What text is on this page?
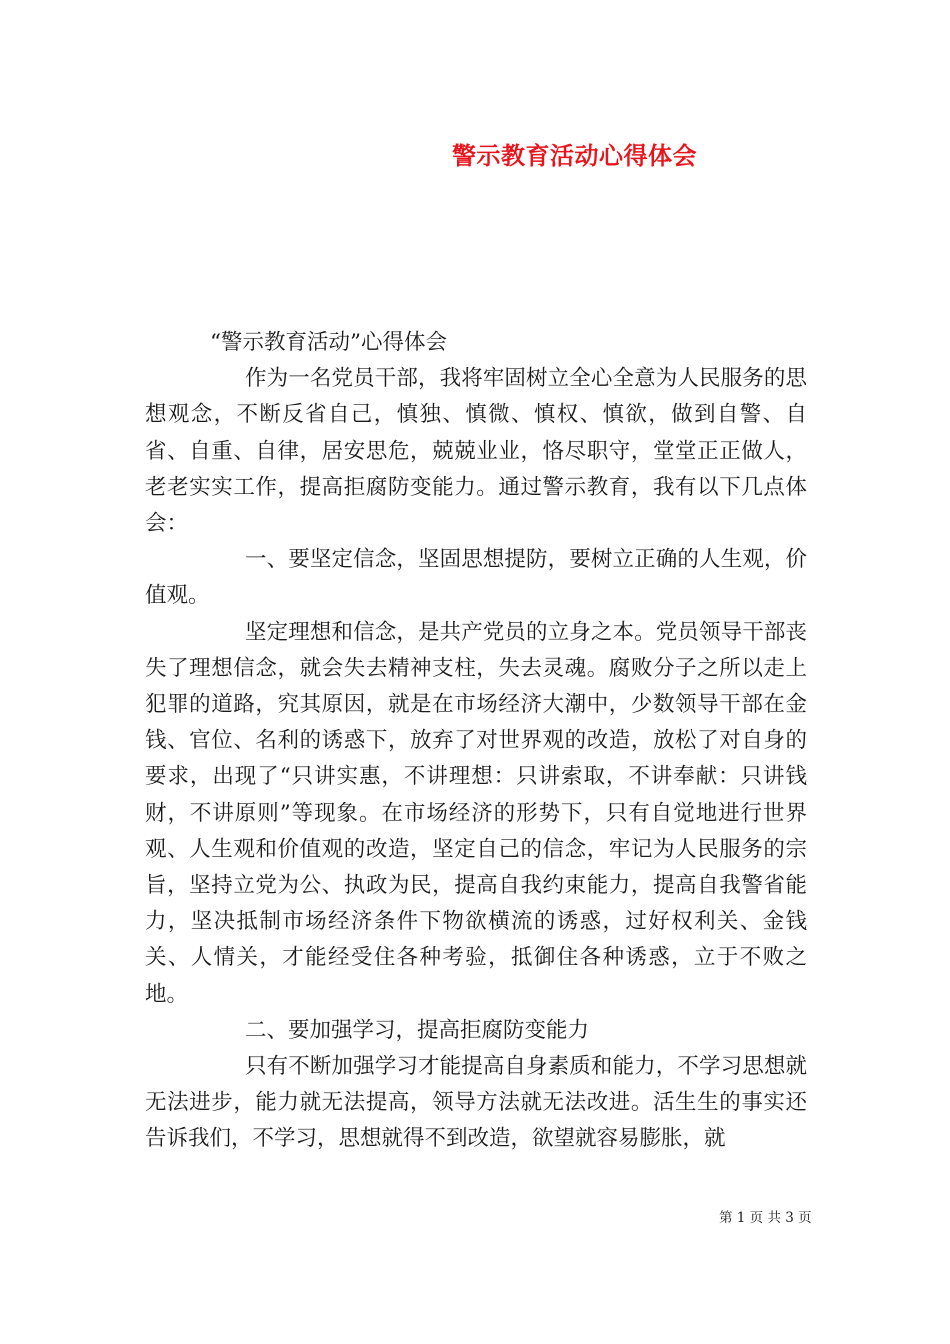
警示教育活动心得体会

“警示教育活动”心得体会

作为一名党员干部，我将牢固树立全心全意为人民服务的思想观念，不断反省自己，慎独、慎微、慎权、慎欲，做到自警、自省、自重、自律，居安思危，兢兢业业，恪尽职守，堂堂正正做人，老老实实工作，提高拒腐防变能力。通过警示教育，我有以下几点体会：

一、要坚定信念，坚固思想提防，要树立正确的人生观，价值观。

坚定理想和信念，是共产党员的立身之本。党员领导干部丧失了理想信念，就会失去精神支柱，失去灵魂。腐败分子之所以走上犯罪的道路，究其原因，就是在市场经济大潮中，少数领导干部在金钱、官位、名利的诱惑下，放弃了对世界观的改造，放松了对自身的要求，出现了“只讲实惠，不讲理想：只讲索取，不讲奉献：只讲钱财，不讲原则”等现象。在市场经济的形势下，只有自觉地进行世界观、人生观和价值观的改造，坚定自己的信念，牢记为人民服务的宗旨，坚持立党为公、执政为民，提高自我约束能力，提高自我警省能力，坚决抵制市场经济条件下物欲横流的诱惑，过好权利关、金钱关、人情关，才能经受住各种考验，抵御住各种诱惑，立于不败之地。

二、要加强学习，提高拒腐防变能力

只有不断加强学习才能提高自身素质和能力，不学习思想就无法进步，能力就无法提高，领导方法就无法改进。活生生的事实还告诉我们，不学习，思想就得不到改造，欲望就容易膨胀，就

第 1 页 共 3 页
